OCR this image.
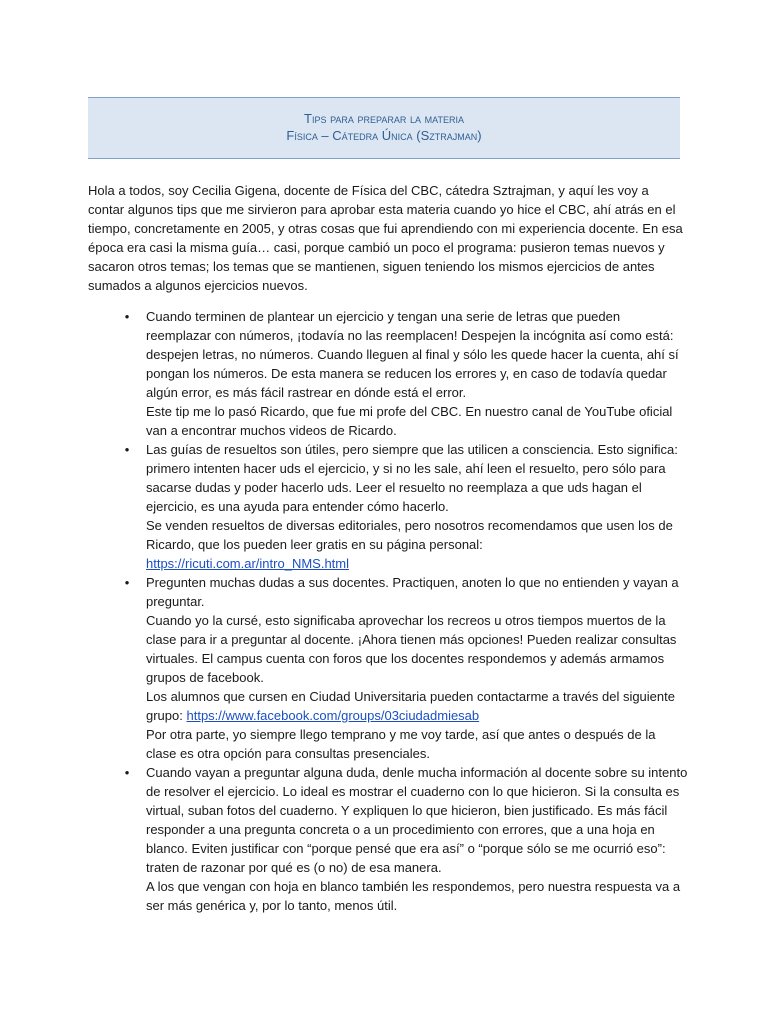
Tips para preparar la materia
Física – Cátedra Única (Sztrajman)

Hola a todos, soy Cecilia Gigena, docente de Física del CBC, cátedra Sztrajman, y aquí les voy a contar algunos tips que me sirvieron para aprobar esta materia cuando yo hice el CBC, ahí atrás en el tiempo, concretamente en 2005, y otras cosas que fui aprendiendo con mi experiencia docente. En esa época era casi la misma guía… casi, porque cambió un poco el programa: pusieron temas nuevos y sacaron otros temas; los temas que se mantienen, siguen teniendo los mismos ejercicios de antes sumados a algunos ejercicios nuevos.

• Cuando terminen de plantear un ejercicio y tengan una serie de letras que pueden reemplazar con números, ¡todavía no las reemplacen! Despejen la incógnita así como está: despejen letras, no números. Cuando lleguen al final y sólo les quede hacer la cuenta, ahí sí pongan los números. De esta manera se reducen los errores y, en caso de todavía quedar algún error, es más fácil rastrear en dónde está el error.
Este tip me lo pasó Ricardo, que fue mi profe del CBC. En nuestro canal de YouTube oficial van a encontrar muchos videos de Ricardo.
• Las guías de resueltos son útiles, pero siempre que las utilicen a consciencia. Esto significa: primero intenten hacer uds el ejercicio, y si no les sale, ahí leen el resuelto, pero sólo para sacarse dudas y poder hacerlo uds. Leer el resuelto no reemplaza a que uds hagan el ejercicio, es una ayuda para entender cómo hacerlo.
Se venden resueltos de diversas editoriales, pero nosotros recomendamos que usen los de Ricardo, que los pueden leer gratis en su página personal:
https://ricuti.com.ar/intro_NMS.html
• Pregunten muchas dudas a sus docentes. Practiquen, anoten lo que no entienden y vayan a preguntar.
Cuando yo la cursé, esto significaba aprovechar los recreos u otros tiempos muertos de la clase para ir a preguntar al docente. ¡Ahora tienen más opciones! Pueden realizar consultas virtuales. El campus cuenta con foros que los docentes respondemos y además armamos grupos de facebook.
Los alumnos que cursen en Ciudad Universitaria pueden contactarme a través del siguiente grupo: https://www.facebook.com/groups/03ciudadmiesab
Por otra parte, yo siempre llego temprano y me voy tarde, así que antes o después de la clase es otra opción para consultas presenciales.
• Cuando vayan a preguntar alguna duda, denle mucha información al docente sobre su intento de resolver el ejercicio. Lo ideal es mostrar el cuaderno con lo que hicieron. Si la consulta es virtual, suban fotos del cuaderno. Y expliquen lo que hicieron, bien justificado. Es más fácil responder a una pregunta concreta o a un procedimiento con errores, que a una hoja en blanco. Eviten justificar con “porque pensé que era así” o “porque sólo se me ocurrió eso”: traten de razonar por qué es (o no) de esa manera.
A los que vengan con hoja en blanco también les respondemos, pero nuestra respuesta va a ser más genérica y, por lo tanto, menos útil.
